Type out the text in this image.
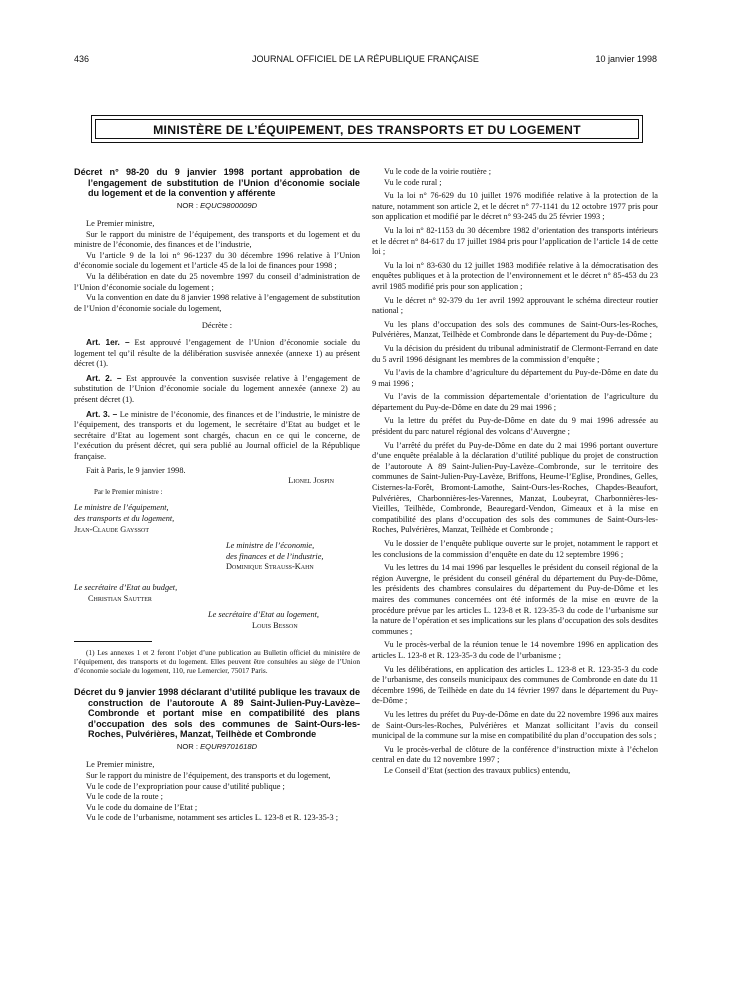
436	JOURNAL OFFICIEL DE LA RÉPUBLIQUE FRANÇAISE	10 janvier 1998
MINISTÈRE DE L’ÉQUIPEMENT, DES TRANSPORTS ET DU LOGEMENT
Décret n° 98-20 du 9 janvier 1998 portant approbation de l’engagement de substitution de l’Union d’économie sociale du logement et de la convention y afférente

NOR : EQUC9800009D

Le Premier ministre,

Sur le rapport du ministre de l’équipement, des transports et du logement et du ministre de l’économie, des finances et de l’industrie,

Vu l’article 9 de la loi n° 96-1237 du 30 décembre 1996 relative à l’Union d’économie sociale du logement et l’article 45 de la loi de finances pour 1998 ;

Vu la délibération en date du 25 novembre 1997 du conseil d’administration de l’Union d’économie sociale du logement ;

Vu la convention en date du 8 janvier 1998 relative à l’engagement de substitution de l’Union d’économie sociale du logement,

Décrète :

Art. 1er. – Est approuvé l’engagement de l’Union d’économie sociale du logement tel qu’il résulte de la délibération susvisée annexée (annexe 1) au présent décret (1).

Art. 2. – Est approuvée la convention susvisée relative à l’engagement de substitution de l’Union d’économie sociale du logement annexée (annexe 2) au présent décret (1).

Art. 3. – Le ministre de l’économie, des finances et de l’industrie, le ministre de l’équipement, des transports et du logement, le secrétaire d’Etat au budget et le secrétaire d’Etat au logement sont chargés, chacun en ce qui le concerne, de l’exécution du présent décret, qui sera publié au Journal officiel de la République française.

Fait à Paris, le 9 janvier 1998.

Lionel Jospin

Par le Premier ministre :

Le ministre de l’équipement,

des transports et du logement,

Jean-Claude Gayssot

Le ministre de l’économie,

des finances et de l’industrie,

Dominique Strauss-Kahn

Le secrétaire d’Etat au budget,

Christian Sautter

Le secrétaire d’Etat au logement,

Louis Besson

(1) Les annexes 1 et 2 feront l’objet d’une publication au Bulletin officiel du ministère de l’équipement, des transports et du logement. Elles peuvent être consultées au siège de l’Union d’économie sociale du logement, 110, rue Lemercier, 75017 Paris.

Décret du 9 janvier 1998 déclarant d’utilité publique les travaux de construction de l’autoroute A 89 Saint-Julien-Puy-Lavèze–Combronde et portant mise en compatibilité des plans d’occupation des sols des communes de Saint-Ours-les-Roches, Pulvérières, Manzat, Teilhède et Combronde

NOR : EQUR9701618D

Le Premier ministre,

Sur le rapport du ministre de l’équipement, des transports et du logement,

Vu le code de l’expropriation pour cause d’utilité publique ;

Vu le code de la route ;

Vu le code du domaine de l’Etat ;

Vu le code de l’urbanisme, notamment ses articles L. 123-8 et R. 123-35-3 ;

Vu le code de la voirie routière ;

Vu le code rural ;

Vu la loi n° 76-629 du 10 juillet 1976 modifiée relative à la protection de la nature, notamment son article 2, et le décret n° 77-1141 du 12 octobre 1977 pris pour son application et modifié par le décret n° 93-245 du 25 février 1993 ;

Vu la loi n° 82-1153 du 30 décembre 1982 d’orientation des transports intérieurs et le décret n° 84-617 du 17 juillet 1984 pris pour l’application de l’article 14 de cette loi ;

Vu la loi n° 83-630 du 12 juillet 1983 modifiée relative à la démocratisation des enquêtes publiques et à la protection de l’environnement et le décret n° 85-453 du 23 avril 1985 modifié pris pour son application ;

Vu le décret n° 92-379 du 1er avril 1992 approuvant le schéma directeur routier national ;

Vu les plans d’occupation des sols des communes de Saint-Ours-les-Roches, Pulvérières, Manzat, Teilhède et Combronde dans le département du Puy-de-Dôme ;

Vu la décision du président du tribunal administratif de Clermont-Ferrand en date du 5 avril 1996 désignant les membres de la commission d’enquête ;

Vu l’avis de la chambre d’agriculture du département du Puy-de-Dôme en date du 9 mai 1996 ;

Vu l’avis de la commission départementale d’orientation de l’agriculture du département du Puy-de-Dôme en date du 29 mai 1996 ;

Vu la lettre du préfet du Puy-de-Dôme en date du 9 mai 1996 adressée au président du parc naturel régional des volcans d’Auvergne ;

Vu l’arrêté du préfet du Puy-de-Dôme en date du 2 mai 1996 portant ouverture d’une enquête préalable à la déclaration d’utilité publique du projet de construction de l’autoroute A 89 Saint-Julien-Puy-Lavèze–Combronde, sur le territoire des communes de Saint-Julien-Puy-Lavèze, Briffons, Heume-l’Eglise, Prondines, Gelles, Cisternes-la-Forêt, Bromont-Lamothe, Saint-Ours-les-Roches, Chapdes-Beaufort, Pulvérières, Charbonnières-les-Varennes, Manzat, Loubeyrat, Charbonnières-les-Vieilles, Teilhède, Combronde, Beauregard-Vendon, Gimeaux et à la mise en compatibilité des plans d’occupation des sols des communes de Saint-Ours-les-Roches, Pulvérières, Manzat, Teilhède et Combronde ;

Vu le dossier de l’enquête publique ouverte sur le projet, notamment le rapport et les conclusions de la commission d’enquête en date du 12 septembre 1996 ;

Vu les lettres du 14 mai 1996 par lesquelles le président du conseil régional de la région Auvergne, le président du conseil général du département du Puy-de-Dôme, les présidents des chambres consulaires du département du Puy-de-Dôme et les maires des communes concernées ont été informés de la mise en œuvre de la procédure prévue par les articles L. 123-8 et R. 123-35-3 du code de l’urbanisme sur la nature de l’opération et ses implications sur les plans d’occupation des sols desdites communes ;

Vu le procès-verbal de la réunion tenue le 14 novembre 1996 en application des articles L. 123-8 et R. 123-35-3 du code de l’urbanisme ;

Vu les délibérations, en application des articles L. 123-8 et R. 123-35-3 du code de l’urbanisme, des conseils municipaux des communes de Combronde en date du 11 décembre 1996, de Teilhède en date du 14 février 1997 dans le département du Puy-de-Dôme ;

Vu les lettres du préfet du Puy-de-Dôme en date du 22 novembre 1996 aux maires de Saint-Ours-les-Roches, Pulvérières et Manzat sollicitant l’avis du conseil municipal de la commune sur la mise en compatibilité du plan d’occupation des sols ;

Vu le procès-verbal de clôture de la conférence d’instruction mixte à l’échelon central en date du 12 novembre 1997 ;

Le Conseil d’Etat (section des travaux publics) entendu,
